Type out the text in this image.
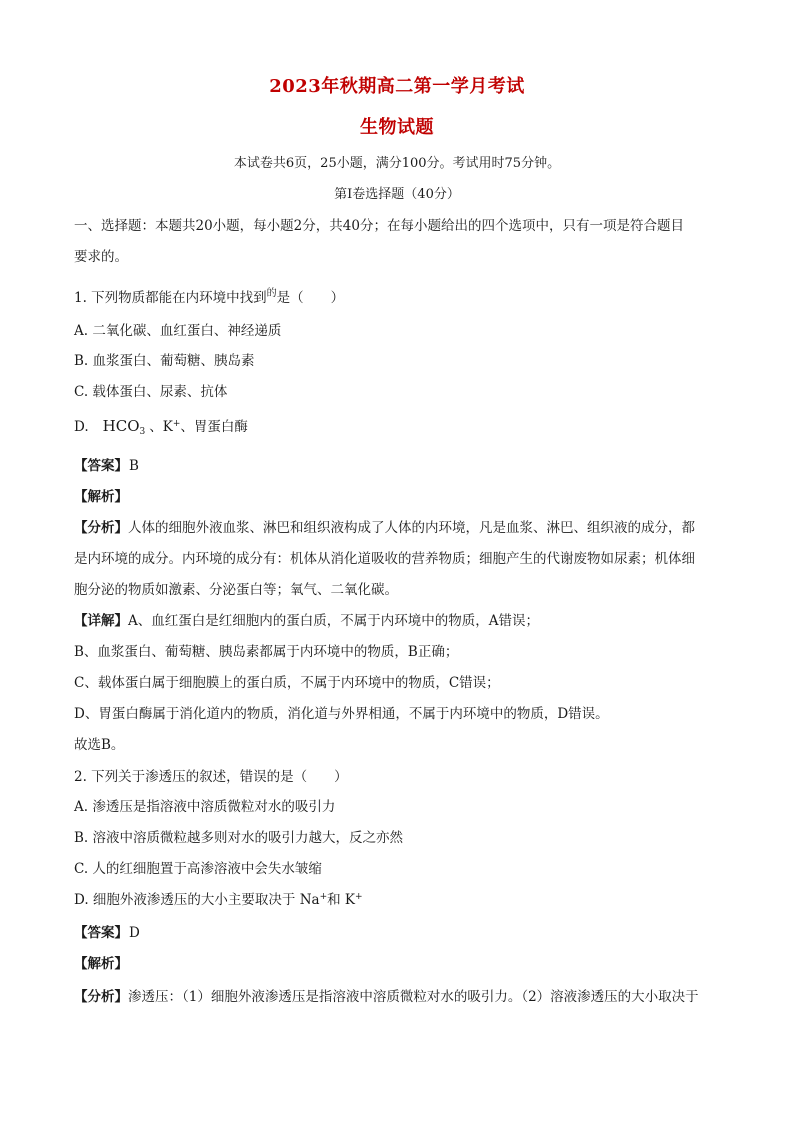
2023年秋期高二第一学月考试
生物试题
本试卷共6页，25小题，满分100分。考试用时75分钟。
第I卷选择题（40分）
一、选择题：本题共20小题，每小题2分，共40分；在每小题给出的四个选项中，只有一项是符合题目
要求的。
1. 下列物质都能在内环境中找到$^的$是（　　）
A. 二氧化碳、血红蛋白、神经递质
B. 血浆蛋白、葡萄糖、胰岛素
C. 载体蛋白、尿素、抗体
D. $HCO_3$ 、K+、胃蛋白酶
【答案】B
【解析】
【分析】人体的细胞外液血浆、淋巴和组织液构成了人体的内环境，凡是血浆、淋巴、组织液的成分，都
是内环境的成分。内环境的成分有：机体从消化道吸收的营养物质；细胞产生的代谢废物如尿素；机体细
胞分泌的物质如激素、分泌蛋白等；氧气、二氧化碳。
【详解】A、血红蛋白是红细胞内的蛋白质，不属于内环境中的物质，A错误；
B、血浆蛋白、葡萄糖、胰岛素都属于内环境中的物质，B正确；
C、载体蛋白属于细胞膜上的蛋白质，不属于内环境中的物质，C错误；
D、胃蛋白酶属于消化道内的物质，消化道与外界相通，不属于内环境中的物质，D错误。
故选B。
2. 下列关于渗透压的叙述，错误的是（　　）
A. 渗透压是指溶液中溶质微粒对水的吸引力
B. 溶液中溶质微粒越多则对水的吸引力越大，反之亦然
C. 人的红细胞置于高渗溶液中会失水皱缩
D. 细胞外液渗透压的大小主要取决于 Na+和 K+
【答案】D
【解析】
【分析】渗透压：（1）细胞外液渗透压是指溶液中溶质微粒对水的吸引力。（2）溶液渗透压的大小取决于
